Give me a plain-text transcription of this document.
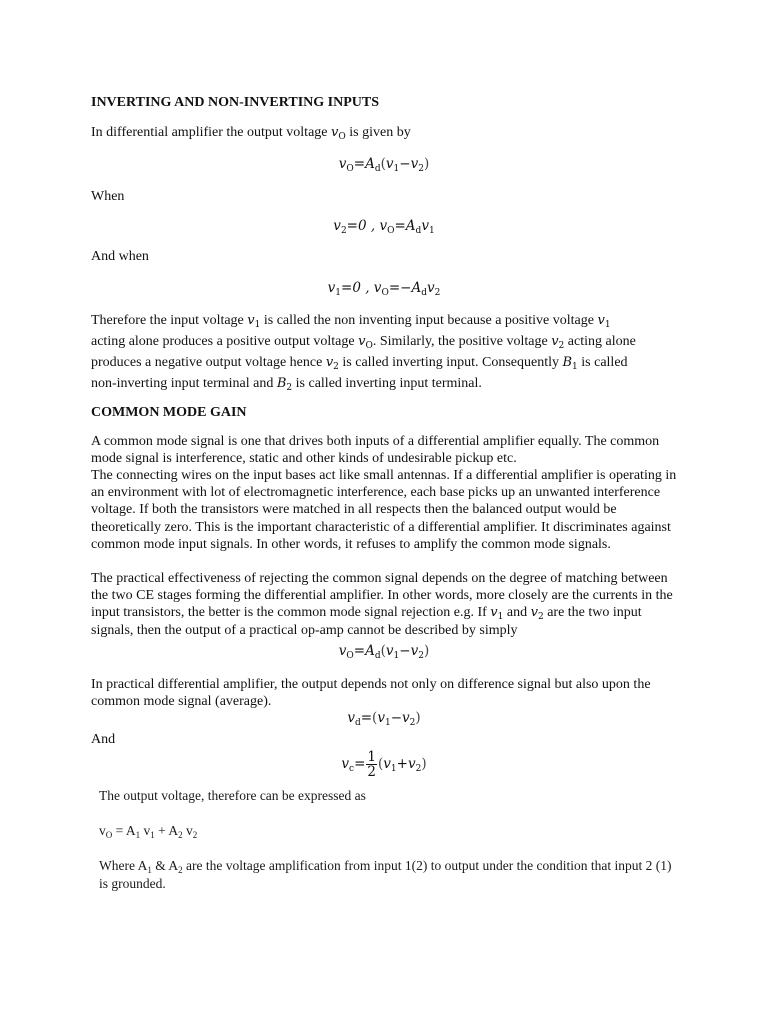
INVERTING AND NON-INVERTING INPUTS

In differential amplifier the output voltage $v_O$ is given by

$v_O=A_d(v_1-v_2)$

When

$v_2=0$ , $v_O=A_dv_1$

And when

$v_1=0$ , $v_O=-A_dv_2$

Therefore the input voltage $v_1$ is called the non inventing input because a positive voltage $v_1$
acting alone produces a positive output voltage $v_O$. Similarly, the positive voltage $v_2$ acting alone
produces a negative output voltage hence $v_2$ is called inverting input. Consequently $B_1$ is called
non-inverting input terminal and $B_2$ is called inverting input terminal.

COMMON MODE GAIN

A common mode signal is one that drives both inputs of a differential amplifier equally. The common mode signal is interference, static and other kinds of undesirable pickup etc.

The connecting wires on the input bases act like small antennas. If a differential amplifier is operating in an environment with lot of electromagnetic interference, each base picks up an unwanted interference voltage. If both the transistors were matched in all respects then the balanced output would be theoretically zero. This is the important characteristic of a differential amplifier. It discriminates against common mode input signals. In other words, it refuses to amplify the common mode signals.

The practical effectiveness of rejecting the common signal depends on the degree of matching between the two CE stages forming the differential amplifier. In other words, more closely are the currents in the input transistors, the better is the common mode signal rejection e.g. If $v_1$ and $v_2$ are the two input signals, then the output of a practical op-amp cannot be described by simply

$v_O=A_d(v_1-v_2)$

In practical differential amplifier, the output depends not only on difference signal but also upon the common mode signal (average).

$v_d=(v_1-v_2)$

And

$v_c= \frac{1}{2} (v_1+v_2)$

The output voltage, therefore can be expressed as

$v_O = A_1$ $v_1 + A_2$ $v_2$

Where $A_1$ & $A_2$ are the voltage amplification from input 1(2) to output under the condition that input 2 (1) is grounded.
